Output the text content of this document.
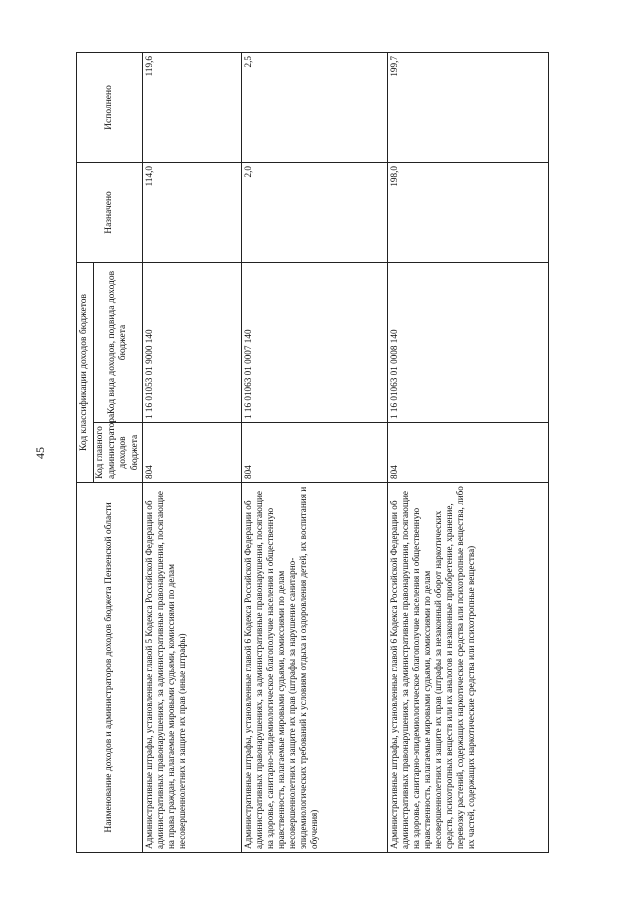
45
Наименование доходов и администраторов доходов бюджета Пензенской области	Код классификации доходов бюджетов		Назначено	Исполнено
	Код главного администратора доходов бюджета	Код вида доходов, подвида доходов бюджета		
Административные штрафы, установленные главой 5 Кодекса Российской Федерации об административных правонарушениях, за административные правонарушения, посягающие на права граждан, налагаемые мировыми судьями, комиссиями по делам несовершеннолетних и защите их прав (иные штрафы)	804	1 16 01053 01 9000 140	114,0	119,6
Административные штрафы, установленные главой 6 Кодекса Российской Федерации об административных правонарушениях, за административные правонарушения, посягающие на здоровье, санитарно-эпидемиологическое благополучие населения и общественную нравственность, налагаемые мировыми судьями, комиссиями по делам несовершеннолетних и защите их прав (штрафы за нарушение санитарно-эпидемиологических требований к условиям отдыха и оздоровления детей, их воспитания и обучения)	804	1 16 01063 01 0007 140	2,0	2,5
Административные штрафы, установленные главой 6 Кодекса Российской Федерации об административных правонарушениях, за административные правонарушения, посягающие на здоровье, санитарно-эпидемиологическое благополучие населения и общественную нравственность, налагаемые мировыми судьями, комиссиями по делам несовершеннолетних и защите их прав (штрафы за незаконный оборот наркотических средств, психотропных веществ или их аналогов и незаконные приобретение, хранение, перевозку растений, содержащих наркотические средства или психотропные вещества, либо их частей, содержащих наркотические средства или психотропные вещества)	804	1 16 01063 01 0008 140	198,0	199,7
